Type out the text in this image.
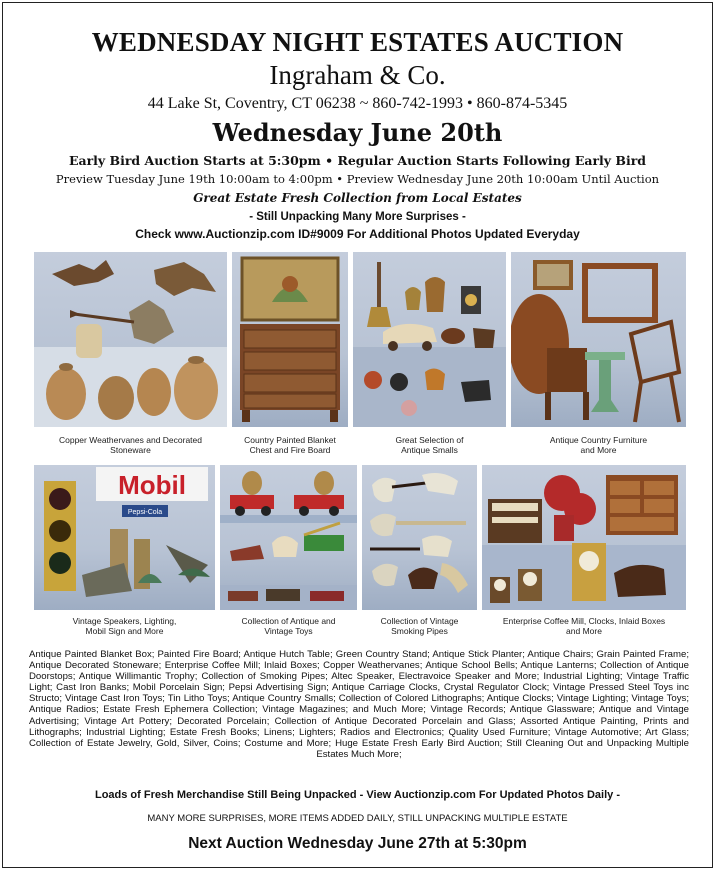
WEDNESDAY NIGHT ESTATES AUCTION
Ingraham & Co.
44 Lake St, Coventry, CT 06238 ~ 860-742-1993 • 860-874-5345
Wednesday June 20th
Early Bird Auction Starts at 5:30pm • Regular Auction Starts Following Early Bird
Preview Tuesday June 19th 10:00am to 4:00pm • Preview Wednesday June 20th 10:00am Until Auction
Great Estate Fresh Collection from Local Estates
- Still Unpacking Many More Surprises -
Check www.Auctionzip.com ID#9009 For Additional Photos Updated Everyday
Copper Weathervanes and Decorated
Stoneware
Country Painted Blanket
Chest and Fire Board
Great Selection of
Antique Smalls
Antique Country Furniture
and More
Mobil
Pepsi-Cola
Vintage Speakers, Lighting,
Mobil Sign and More
Collection of Antique and
Vintage Toys
Collection of Vintage
Smoking Pipes
Enterprise Coffee Mill, Clocks, Inlaid Boxes
and More
Antique Painted Blanket Box; Painted Fire Board; Antique Hutch Table; Green Country Stand; Antique Stick Planter; Antique Chairs; Grain Painted Frame; Antique Decorated Stoneware; Enterprise Coffee Mill; Inlaid Boxes; Copper Weathervanes; Antique School Bells; Antique Lanterns; Collection of Antique Doorstops; Antique Willimantic Trophy; Collection of Smoking Pipes; Altec Speaker, Electravoice Speaker and More; Industrial Lighting; Vintage Traffic Light; Cast Iron Banks; Mobil Porcelain Sign; Pepsi Advertising Sign; Antique Carriage Clocks, Crystal Regulator Clock; Vintage Pressed Steel Toys inc Structo; Vintage Cast Iron Toys; Tin Litho Toys; Antique Country Smalls; Collection of Colored Lithographs; Antique Clocks; Vintage Lighting; Vintage Toys; Antique Radios; Estate Fresh Ephemera Collection; Vintage Magazines; and Much More; Vintage Records; Antique Glassware; Antique and Vintage Advertising; Vintage Art Pottery; Decorated Porcelain; Collection of Antique Decorated Porcelain and Glass; Assorted Antique Painting, Prints and Lithographs; Industrial Lighting; Estate Fresh Books; Linens; Lighters; Radios and Electronics; Quality Used Furniture; Vintage Automotive; Art Glass; Collection of Estate Jewelry, Gold, Silver, Coins; Costume and More; Huge Estate Fresh Early Bird Auction; Still Cleaning Out and Unpacking Multiple Estates Much More;
Loads of Fresh Merchandise Still Being Unpacked - View Auctionzip.com For Updated Photos Daily -
MANY MORE SURPRISES, MORE ITEMS ADDED DAILY, STILL UNPACKING MULTIPLE ESTATE
Next Auction Wednesday June 27th at 5:30pm
